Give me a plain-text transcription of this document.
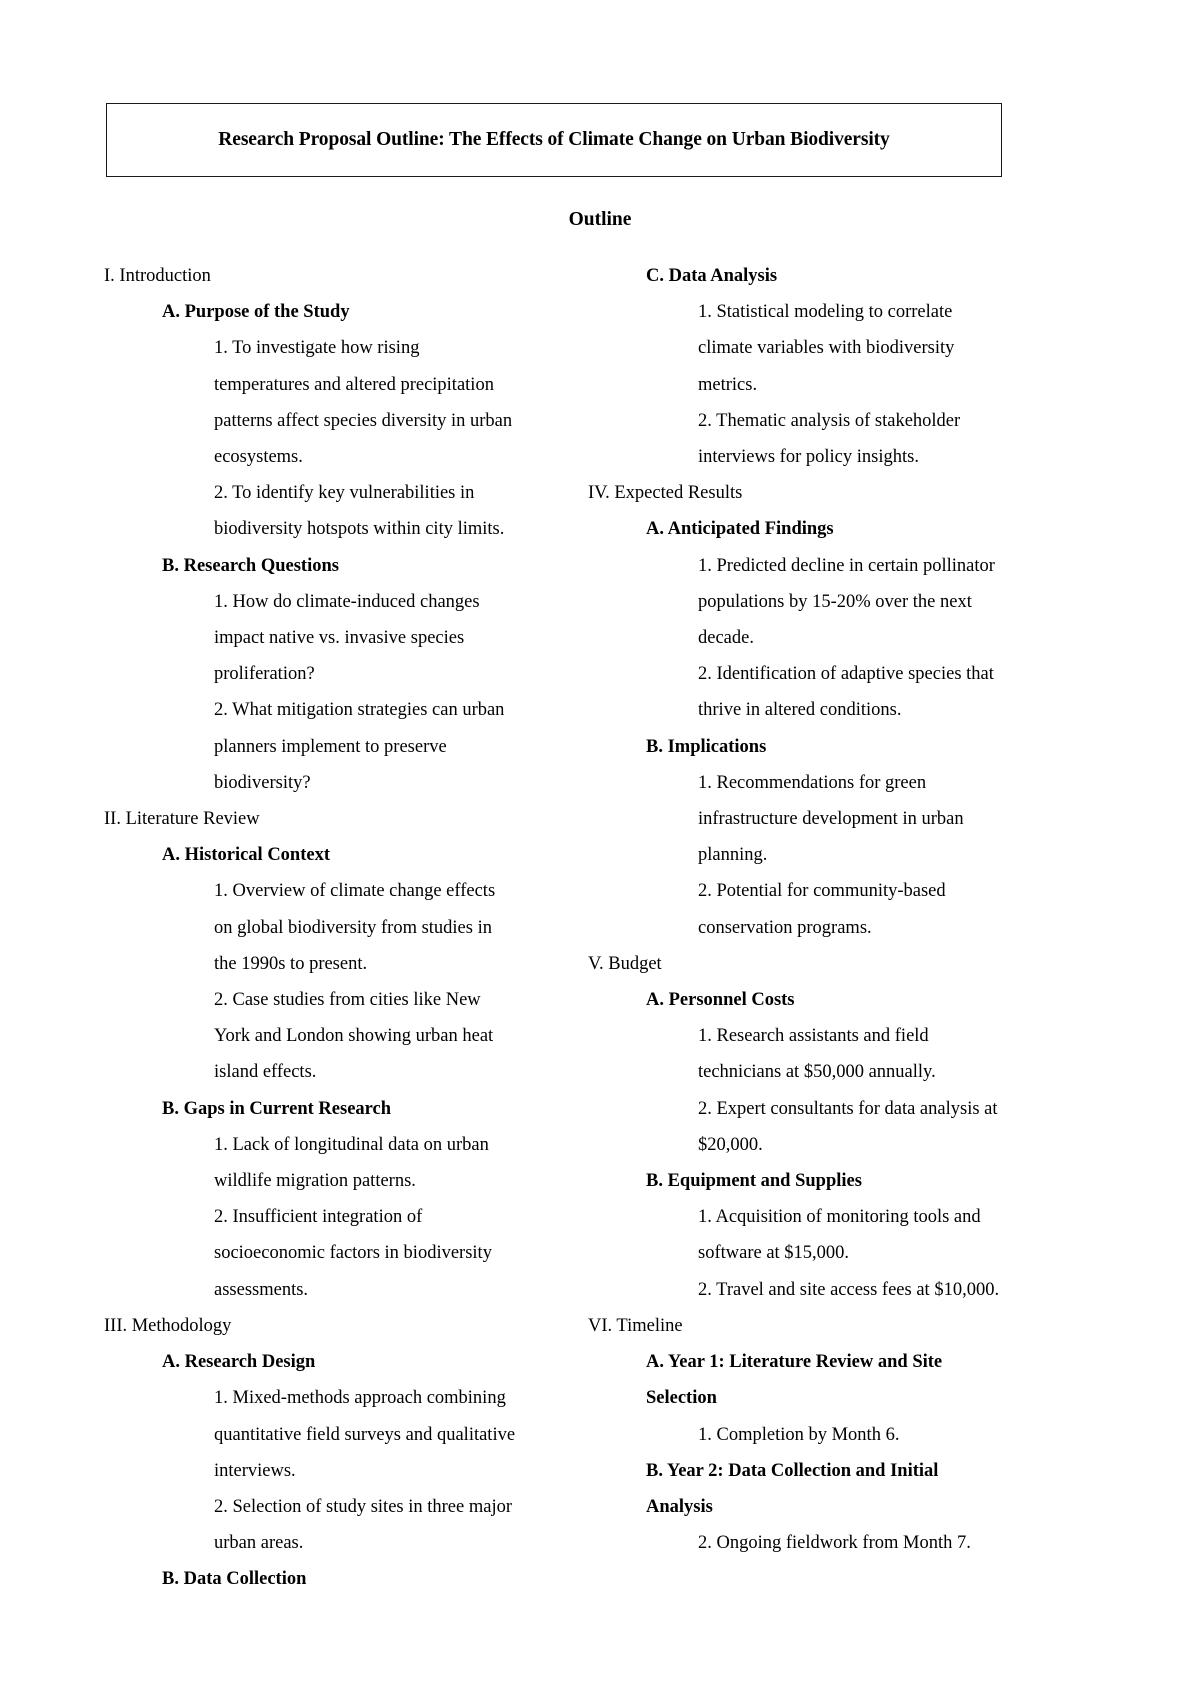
Research Proposal Outline: The Effects of Climate Change on Urban Biodiversity
Outline

I. Introduction

A. Purpose of the Study

1. To investigate how rising temperatures and altered precipitation patterns affect species diversity in urban ecosystems.

2. To identify key vulnerabilities in biodiversity hotspots within city limits.

B. Research Questions

1. How do climate-induced changes impact native vs. invasive species proliferation?

2. What mitigation strategies can urban planners implement to preserve biodiversity?

II. Literature Review

A. Historical Context

1. Overview of climate change effects on global biodiversity from studies in the 1990s to present.

2. Case studies from cities like New York and London showing urban heat island effects.

B. Gaps in Current Research

1. Lack of longitudinal data on urban wildlife migration patterns.

2. Insufficient integration of socioeconomic factors in biodiversity assessments.

III. Methodology

A. Research Design

1. Mixed-methods approach combining quantitative field surveys and qualitative interviews.

2. Selection of study sites in three major urban areas.

B. Data Collection

C. Data Analysis

1. Statistical modeling to correlate climate variables with biodiversity metrics.

2. Thematic analysis of stakeholder interviews for policy insights.

IV. Expected Results

A. Anticipated Findings

1. Predicted decline in certain pollinator populations by 15-20% over the next decade.

2. Identification of adaptive species that thrive in altered conditions.

B. Implications

1. Recommendations for green infrastructure development in urban planning.

2. Potential for community-based conservation programs.

V. Budget

A. Personnel Costs

1. Research assistants and field technicians at $50,000 annually.

2. Expert consultants for data analysis at $20,000.

B. Equipment and Supplies

1. Acquisition of monitoring tools and software at $15,000.

2. Travel and site access fees at $10,000.

VI. Timeline

A. Year 1: Literature Review and Site Selection

1. Completion by Month 6.

B. Year 2: Data Collection and Initial Analysis

2. Ongoing fieldwork from Month 7.
